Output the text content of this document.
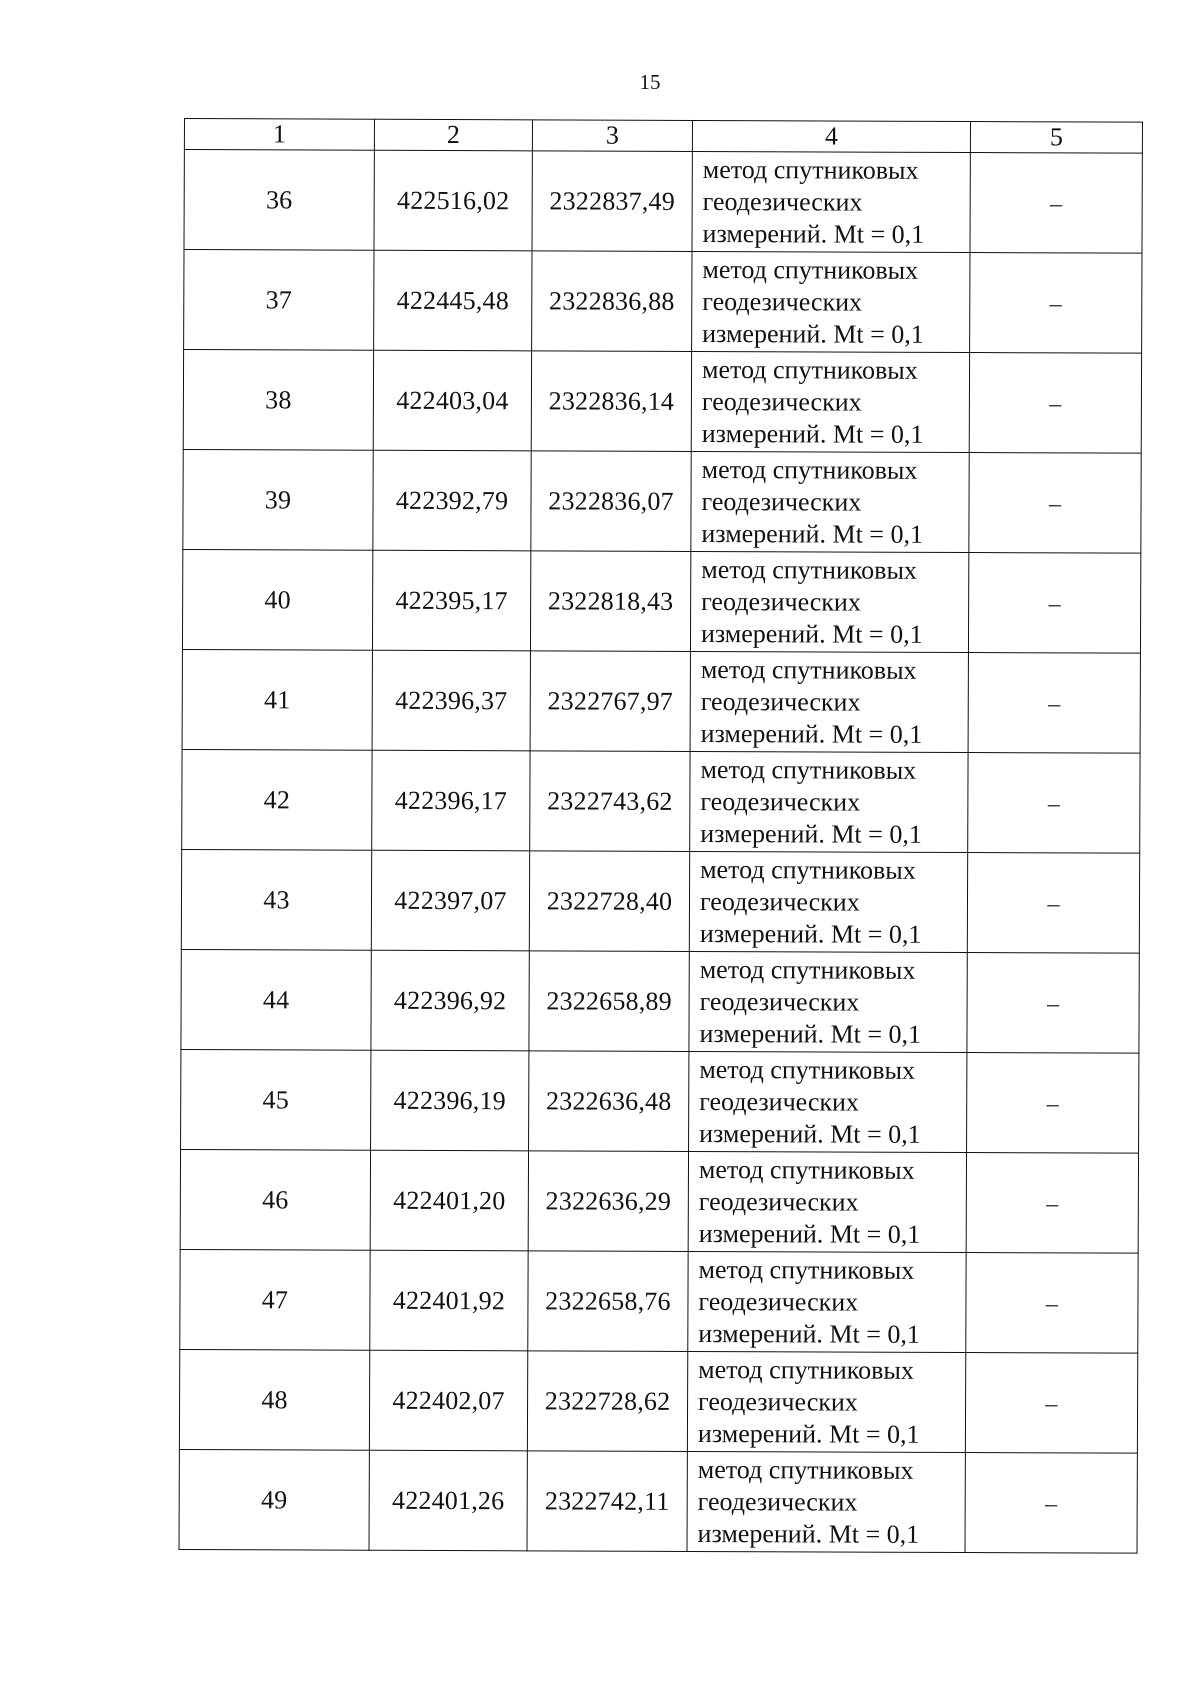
15
1	2	3	4	5
36	422516,02	2322837,49	метод спутниковых
геодезических
измерений. Mt = 0,1	–
37	422445,48	2322836,88	метод спутниковых
геодезических
измерений. Mt = 0,1	–
38	422403,04	2322836,14	метод спутниковых
геодезических
измерений. Mt = 0,1	–
39	422392,79	2322836,07	метод спутниковых
геодезических
измерений. Mt = 0,1	–
40	422395,17	2322818,43	метод спутниковых
геодезических
измерений. Mt = 0,1	–
41	422396,37	2322767,97	метод спутниковых
геодезических
измерений. Mt = 0,1	–
42	422396,17	2322743,62	метод спутниковых
геодезических
измерений. Mt = 0,1	–
43	422397,07	2322728,40	метод спутниковых
геодезических
измерений. Mt = 0,1	–
44	422396,92	2322658,89	метод спутниковых
геодезических
измерений. Mt = 0,1	–
45	422396,19	2322636,48	метод спутниковых
геодезических
измерений. Mt = 0,1	–
46	422401,20	2322636,29	метод спутниковых
геодезических
измерений. Mt = 0,1	–
47	422401,92	2322658,76	метод спутниковых
геодезических
измерений. Mt = 0,1	–
48	422402,07	2322728,62	метод спутниковых
геодезических
измерений. Mt = 0,1	–
49	422401,26	2322742,11	метод спутниковых
геодезических
измерений. Mt = 0,1	–
